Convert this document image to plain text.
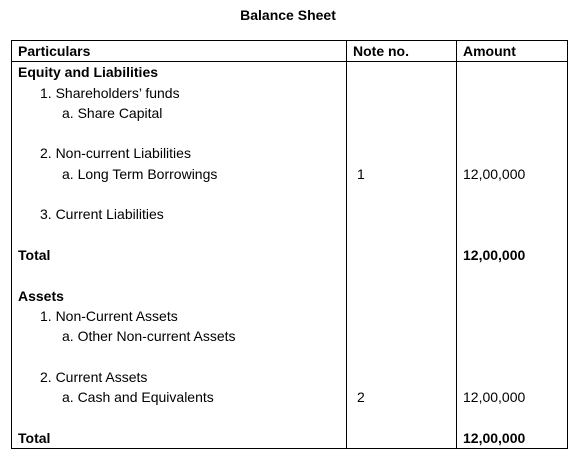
Balance Sheet
Particulars	Note no.	Amount
Equity and Liabilities		
1. Shareholders’ funds		
a. Share Capital		

2. Non-current Liabilities		
a. Long Term Borrowings	1	12,00,000

3. Current Liabilities		

Total		12,00,000

Assets		
1. Non-Current Assets		
a. Other Non-current Assets		

2. Current Assets		
a. Cash and Equivalents	2	12,00,000

Total		12,00,000
